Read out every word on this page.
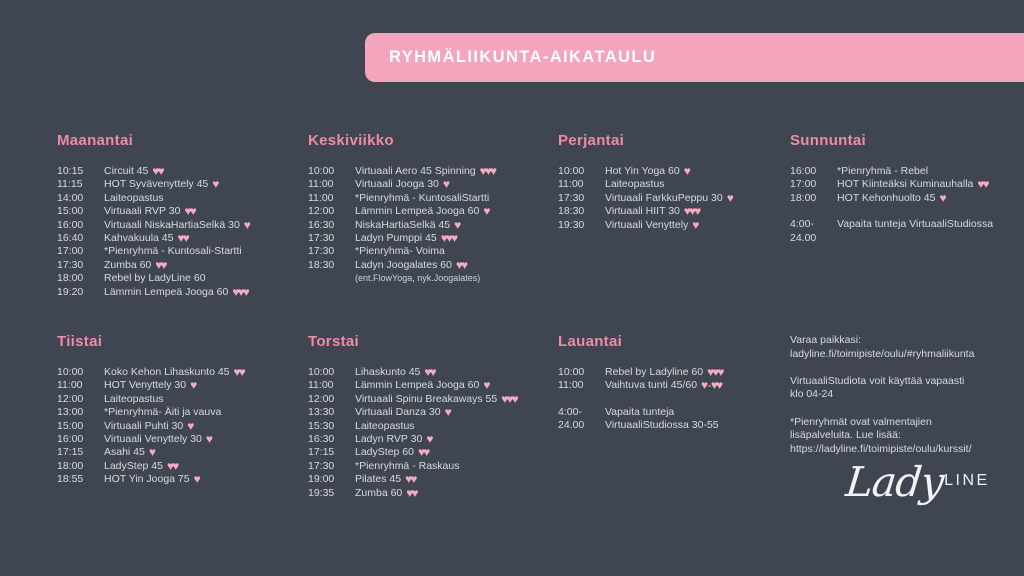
RYHMÄLIIKUNTA-AIKATAULU
Maanantai
10:15 Circuit 45 ♥♥
11:15 HOT Syvävenyttely 45 ♥
14:00 Laiteopastus
15:00 Virtuaali RVP 30 ♥♥
16:00 Virtuaali NiskaHartiaSelkä 30 ♥
16:40 Kahvakuula 45 ♥♥
17:00 *Pienryhmä - Kuntosali-Startti
17:30 Zumba 60 ♥♥
18:00 Rebel by LadyLine 60
19:20 Lämmin Lempeä Jooga 60 ♥♥♥
Keskiviikko
10:00 Virtuaali Aero 45 Spinning ♥♥♥
11:00 Virtuaali Jooga 30 ♥
11:00 *Pienryhmä - KuntosaliStartti
12:00 Lämmin Lempeä Jooga 60 ♥
16:30 NiskaHartiaSelkä 45 ♥
17:30 Ladyn Pumppi 45 ♥♥♥
17:30 *Pienryhmä- Voima
18:30 Ladyn Joogalates 60 ♥♥
(ent.FlowYoga, nyk.Joogalates)
Perjantai
10:00 Hot Yin Yoga 60 ♥
11:00 Laiteopastus
17:30 Virtuaali FarkkuPeppu 30 ♥
18:30 Virtuaali HIIT 30 ♥♥♥
19:30 Virtuaali Venyttely ♥
Sunnuntai
16:00 *Pienryhmä - Rebel
17:00 HOT Kiinteäksi Kuminauhalla ♥♥
18:00 HOT Kehonhuolto 45 ♥
4:00-
24.00
Vapaita tunteja VirtuaaliStudiossa
Tiistai
10:00 Koko Kehon Lihaskunto 45 ♥♥
11:00 HOT Venyttely 30 ♥
12:00 Laiteopastus
13:00 *Pienryhmä- Äiti ja vauva
15:00 Virtuaali Puhti 30 ♥
16:00 Virtuaali Venyttely 30 ♥
17:15 Asahi 45 ♥
18:00 LadyStep 45 ♥♥
18:55 HOT Yin Jooga 75 ♥
Torstai
10:00 Lihaskunto 45 ♥♥
11:00 Lämmin Lempeä Jooga 60 ♥
12:00 Virtuaali Spinu Breakaways 55 ♥♥♥
13:30 Virtuaali Danza 30 ♥
15:30 Laiteopastus
16:30 Ladyn RVP 30 ♥
17:15 LadyStep 60 ♥♥
17:30 *Pienryhmä - Raskaus
19:00 Pilates 45 ♥♥
19:35 Zumba 60 ♥♥
Lauantai
10:00 Rebel by Ladyline 60 ♥♥♥
11:00 Vaihtuva tunti 45/60 ♥ - ♥♥
4:00-
24.00
Vapaita tunteja
VirtuaaliStudiossa 30-55
Varaa paikkasi:
ladyline.fi/toimipiste/oulu/#ryhmaliikunta
VirtuaaliStudiota voit käyttää vapaasti
klo 04-24
*Pienryhmät ovat valmentajien
lisäpalveluita. Lue lisää:
https://ladyline.fi/toimipiste/oulu/kurssit/
Lady
LINE
